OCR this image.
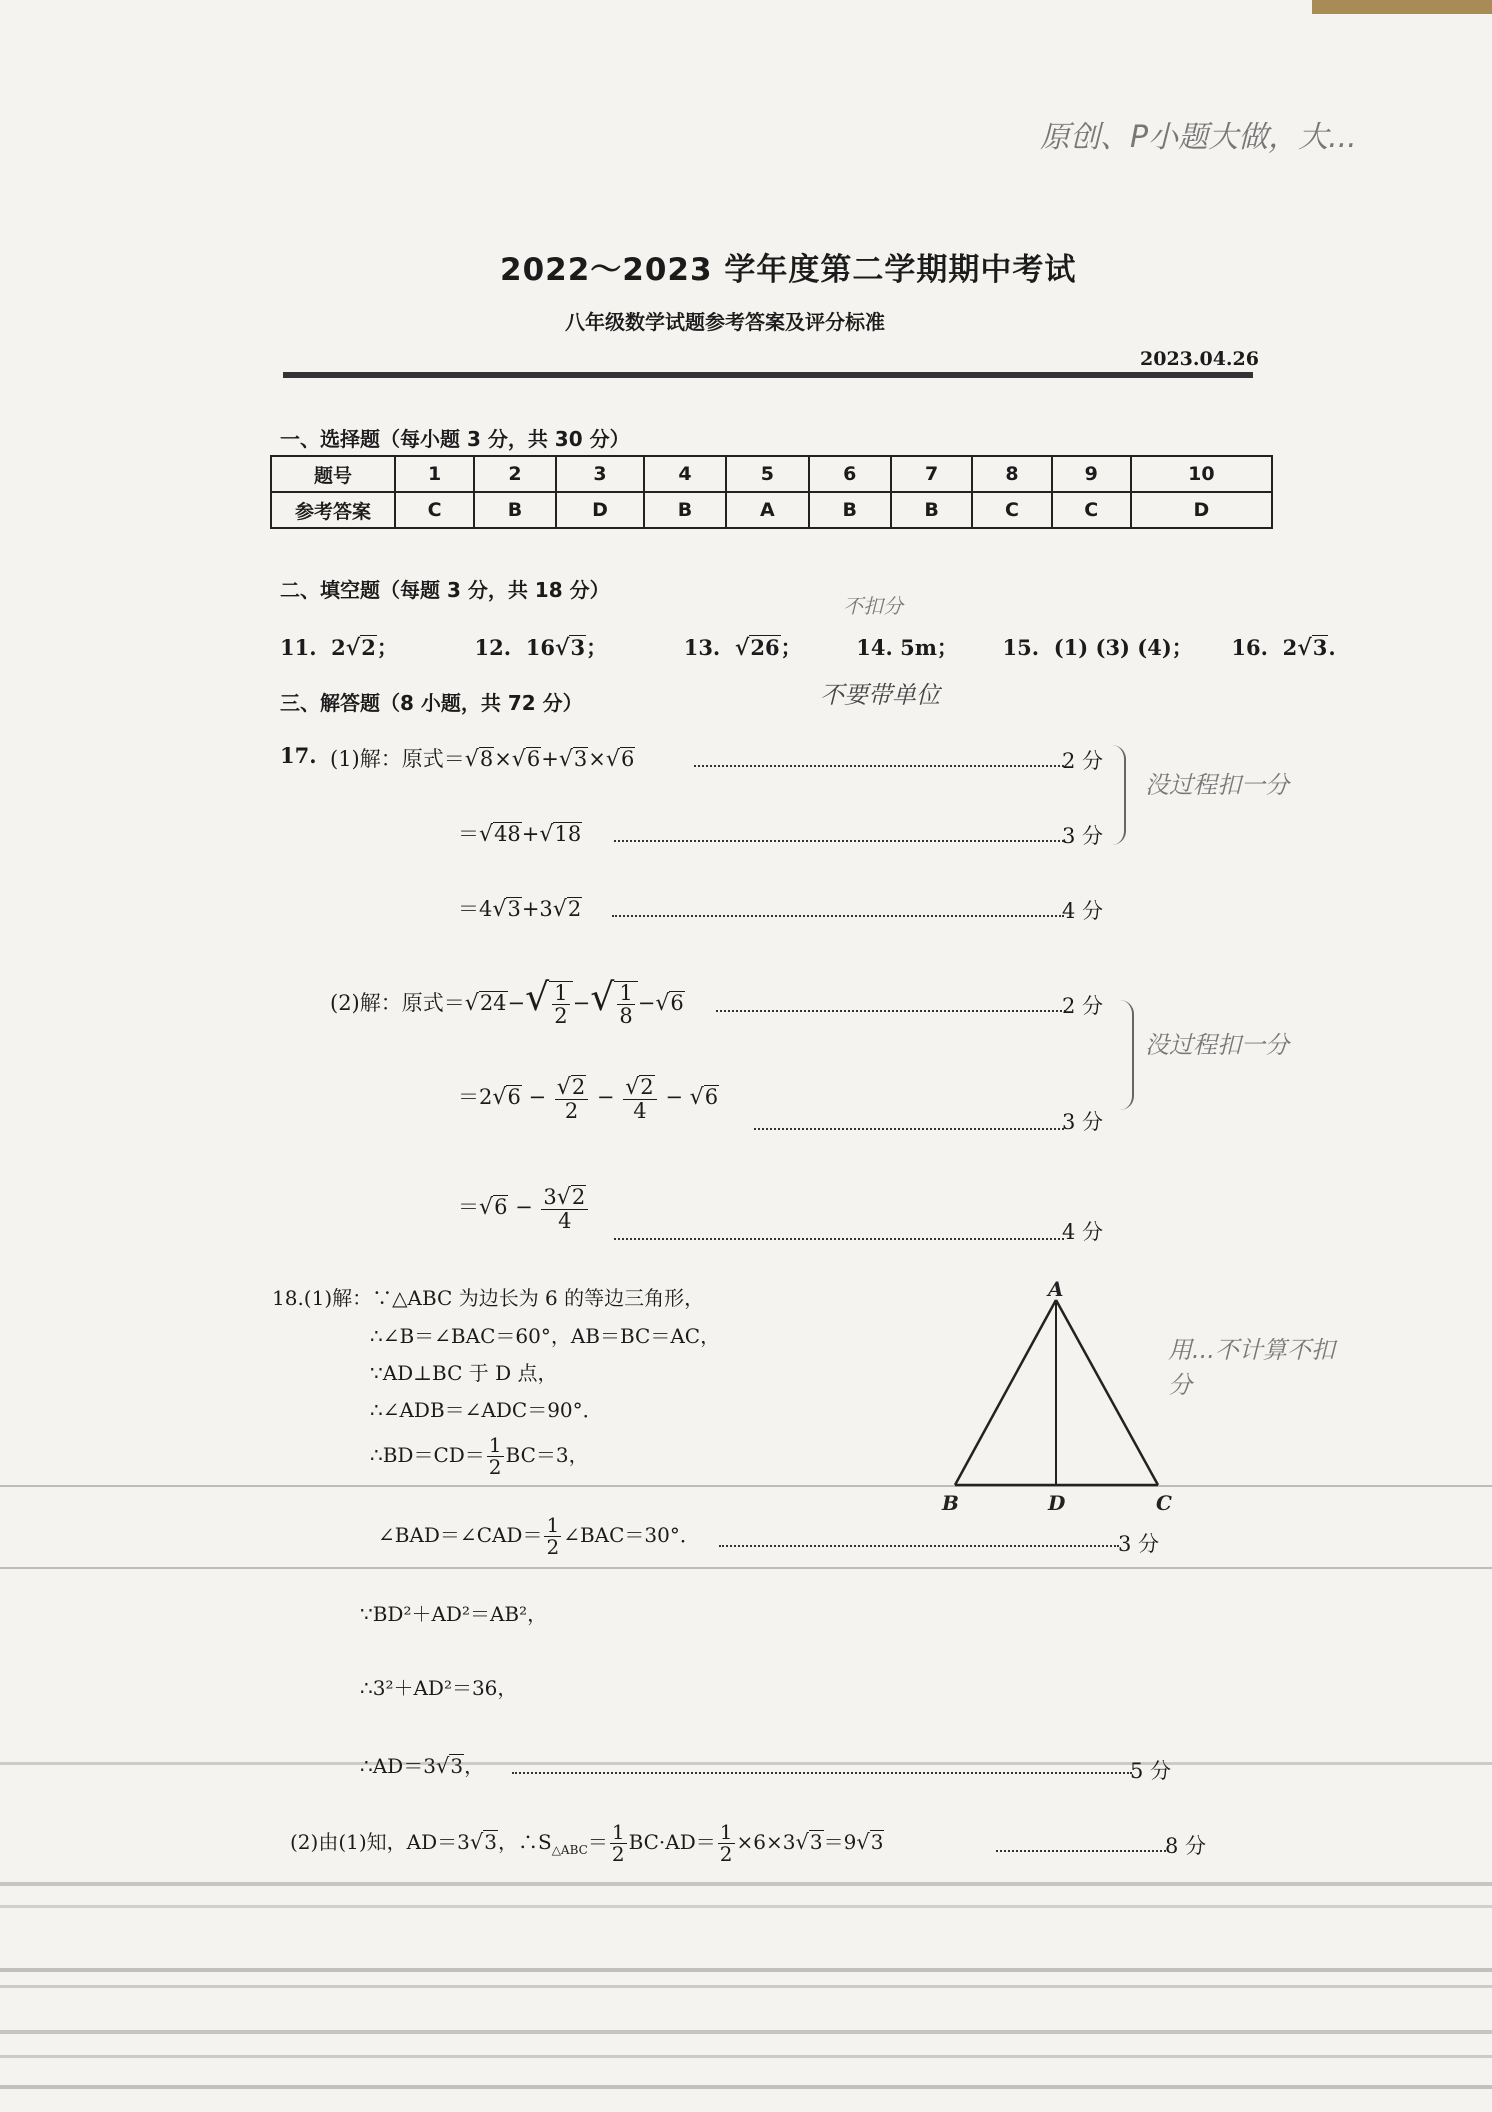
原创、P小题大做，大...
不扣分
不要带单位
没过程扣一分
没过程扣一分
用...不计算不扣分
2022～2023 学年度第二学期期中考试
八年级数学试题参考答案及评分标准
2023.04.26
一、选择题（每小题 3 分，共 30 分）
题号	1	2	3	4	5	6	7	8	9	10
参考答案	C	B	D	B	A	B	B	C	C	D
二、填空题（每题 3 分，共 18 分）
11. 2√2；	12. 16√3；	13. √26；	14. 5m； 15. (1) (3) (4)； 16. 2√3.
三、解答题（8 小题，共 72 分）
17. (1)解：原式＝√8×√6+√3×√6	2 分
＝√48+√18	3 分
＝4√3+3√2	4 分
(2)解：原式$=√24-√ \frac{1}{2}$ −√ $\frac{1}{8} -√6$	2 分
$=2√6 - \frac{√2}{2} - \frac{√2}{4} - √6$
3 分
$=√6 - \frac{3√2}{4}$	4 分
18.(1)解：∵△ABC 为边长为 6 的等边三角形，
∴∠B＝∠BAC＝60°，AB＝BC＝AC，
∵AD⊥BC 于 D 点，
∴∠ADB＝∠ADC＝90°．
∴BD＝CD＝ $\frac{1}{2} BC=3$，
∠BAD＝∠CAD＝ $\frac{1}{2}$ ∠BAC＝30°．	3 分
∵BD²＋AD²＝AB²，
∴3²＋AD²＝36，
∴AD＝3√3，	5 分
(2)由(1)知，AD＝3√3，$\therefore S_{\triangle ABC}= \frac{1}{2} BC\cdot AD= \frac{1}{2} \times 6\times 3√3=9√3$	8 分
A
B	D	C
